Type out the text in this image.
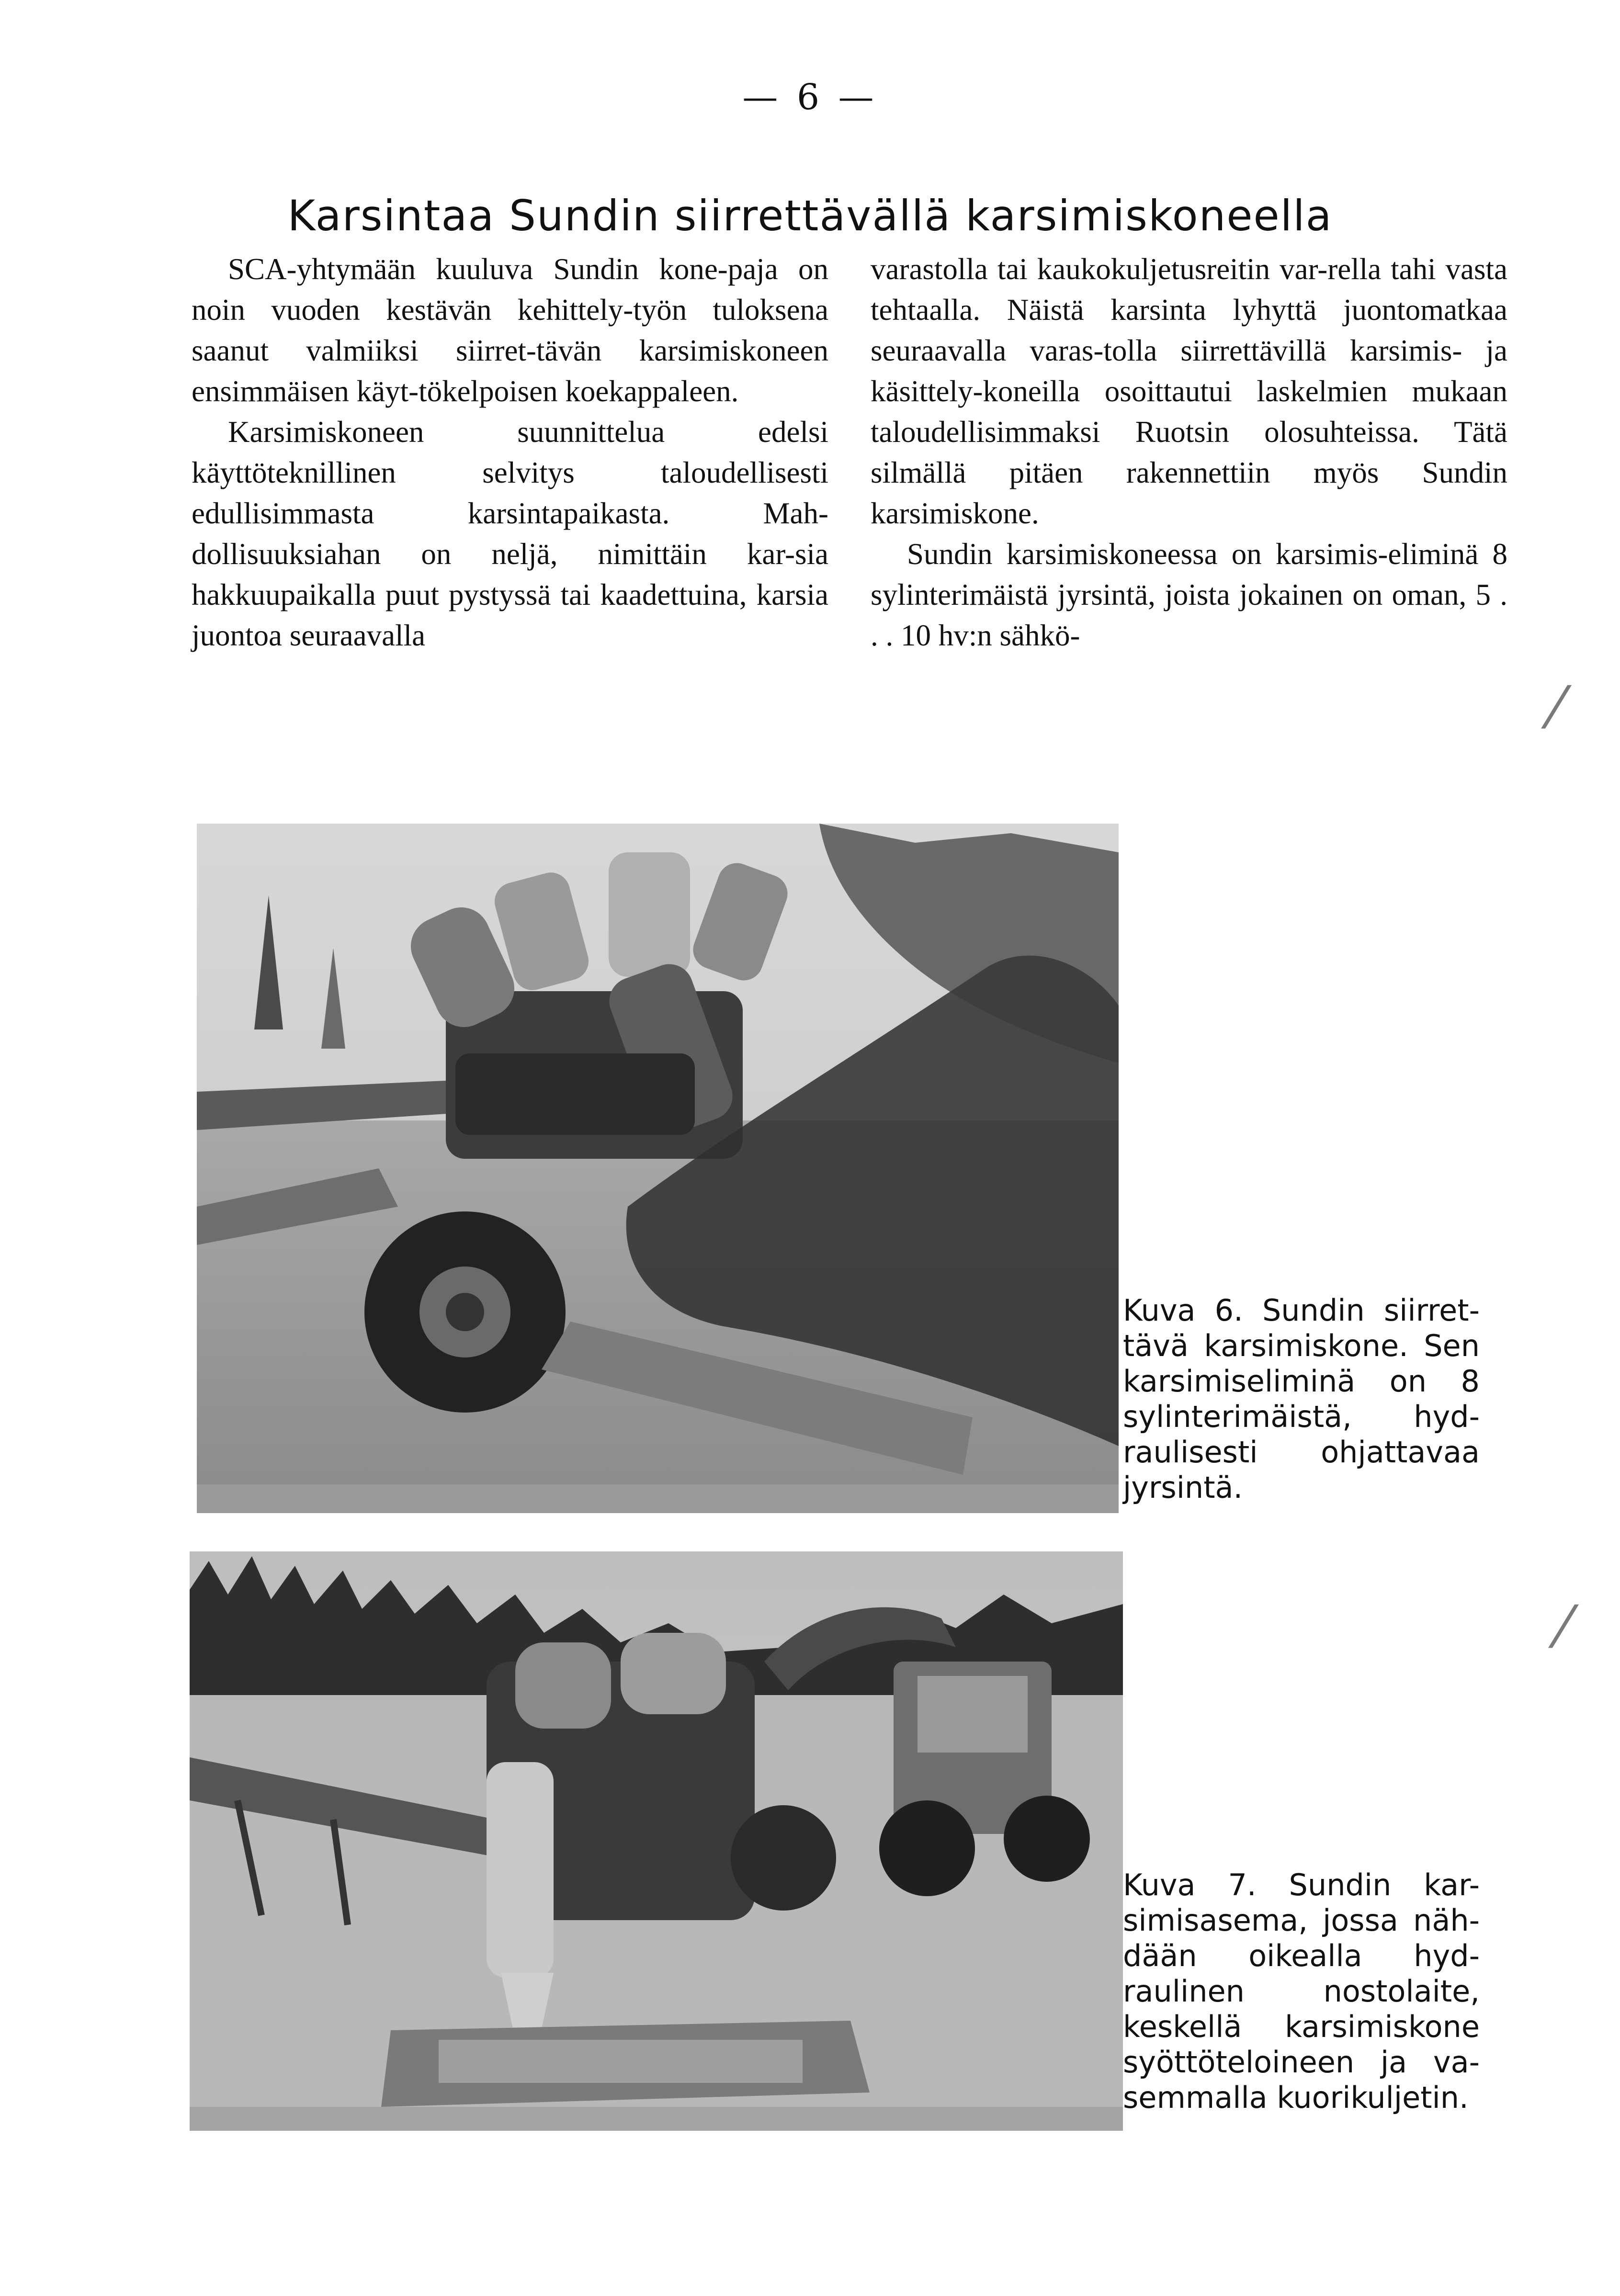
— 6 —
Karsintaa Sundin siirrettävällä karsimiskoneella

SCA-yhtymään kuuluva Sundin kone-paja on noin vuoden kestävän kehittely-työn tuloksena saanut valmiiksi siirret-tävän karsimiskoneen ensimmäisen käyt-tökelpoisen koekappaleen.

Karsimiskoneen suunnittelua edelsi käyttöteknillinen selvitys taloudellisesti edullisimmasta karsintapaikasta. Mah-dollisuuksiahan on neljä, nimittäin kar-sia hakkuupaikalla puut pystyssä tai kaadettuina, karsia juontoa seuraavalla

varastolla tai kaukokuljetusreitin var-rella tahi vasta tehtaalla. Näistä karsinta lyhyttä juontomatkaa seuraavalla varas-tolla siirrettävillä karsimis- ja käsittely-koneilla osoittautui laskelmien mukaan taloudellisimmaksi Ruotsin olosuhteissa. Tätä silmällä pitäen rakennettiin myös Sundin karsimiskone.

Sundin karsimiskoneessa on karsimis-eliminä 8 sylinterimäistä jyrsintä, joista jokainen on oman, 5 . . . 10 hv:n sähkö-

Kuva 6. Sundin siirret-tävä karsimiskone. Sen karsimiseliminä on 8 sylinterimäistä, hyd-raulisesti ohjattavaa jyrsintä.
Kuva 7. Sundin kar-simisasema, jossa näh-dään oikealla hyd-raulinen nostolaite, keskellä karsimiskone syöttöteloineen ja va-semmalla kuorikuljetin.
⁄
⁄
